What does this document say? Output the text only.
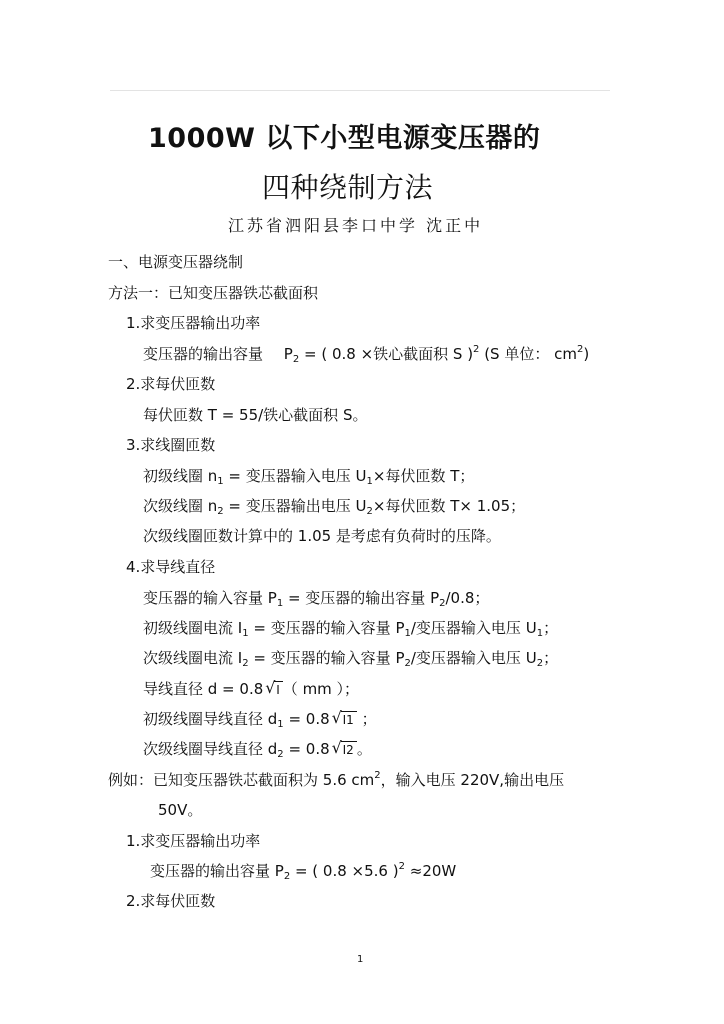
1000W 以下小型电源变压器的
四种绕制方法
江苏省泗阳县李口中学 沈正中
一、电源变压器绕制
方法一：已知变压器铁芯截面积
1.求变压器输出功率
变压器的输出容量 $P_2$ = ( 0.8 ×铁心截面积 S )$^2$ (S 单位： $cm^2$)
2.求每伏匝数
每伏匝数 T = 55/铁心截面积 S。
3.求线圈匝数
初级线圈 $n_1$ = 变压器输入电压 $U_1\times$每伏匝数 T；
次级线圈 $n_2$ = 变压器输出电压 $U_2\times$每伏匝数 T× 1.05；
次级线圈匝数计算中的 1.05 是考虑有负荷时的压降。
4.求导线直径
变压器的输入容量 $P_1$ = 变压器的输出容量 $P_2/0.8$；
初级线圈电流 $I_1$ = 变压器的输入容量 $P_1/$变压器输入电压 $U_1$；
次级线圈电流 $I_2$ = 变压器的输入容量 $P_2/$变压器输入电压 $U_2$；
导线直径 d = 0.8 √ I （ mm ）；
初级线圈导线直径 $d_1 = 0.8$ √ I1 ；
次级线圈导线直径 $d_2 = 0.8$ √ I2 。
例如：已知变压器铁芯截面积为 5.6 $cm^2$，输入电压 220V,输出电压
50V。
1.求变压器输出功率
变压器的输出容量 $P_2$ = ( 0.8 ×5.6 )$^2$ ≈20W
2.求每伏匝数
1
